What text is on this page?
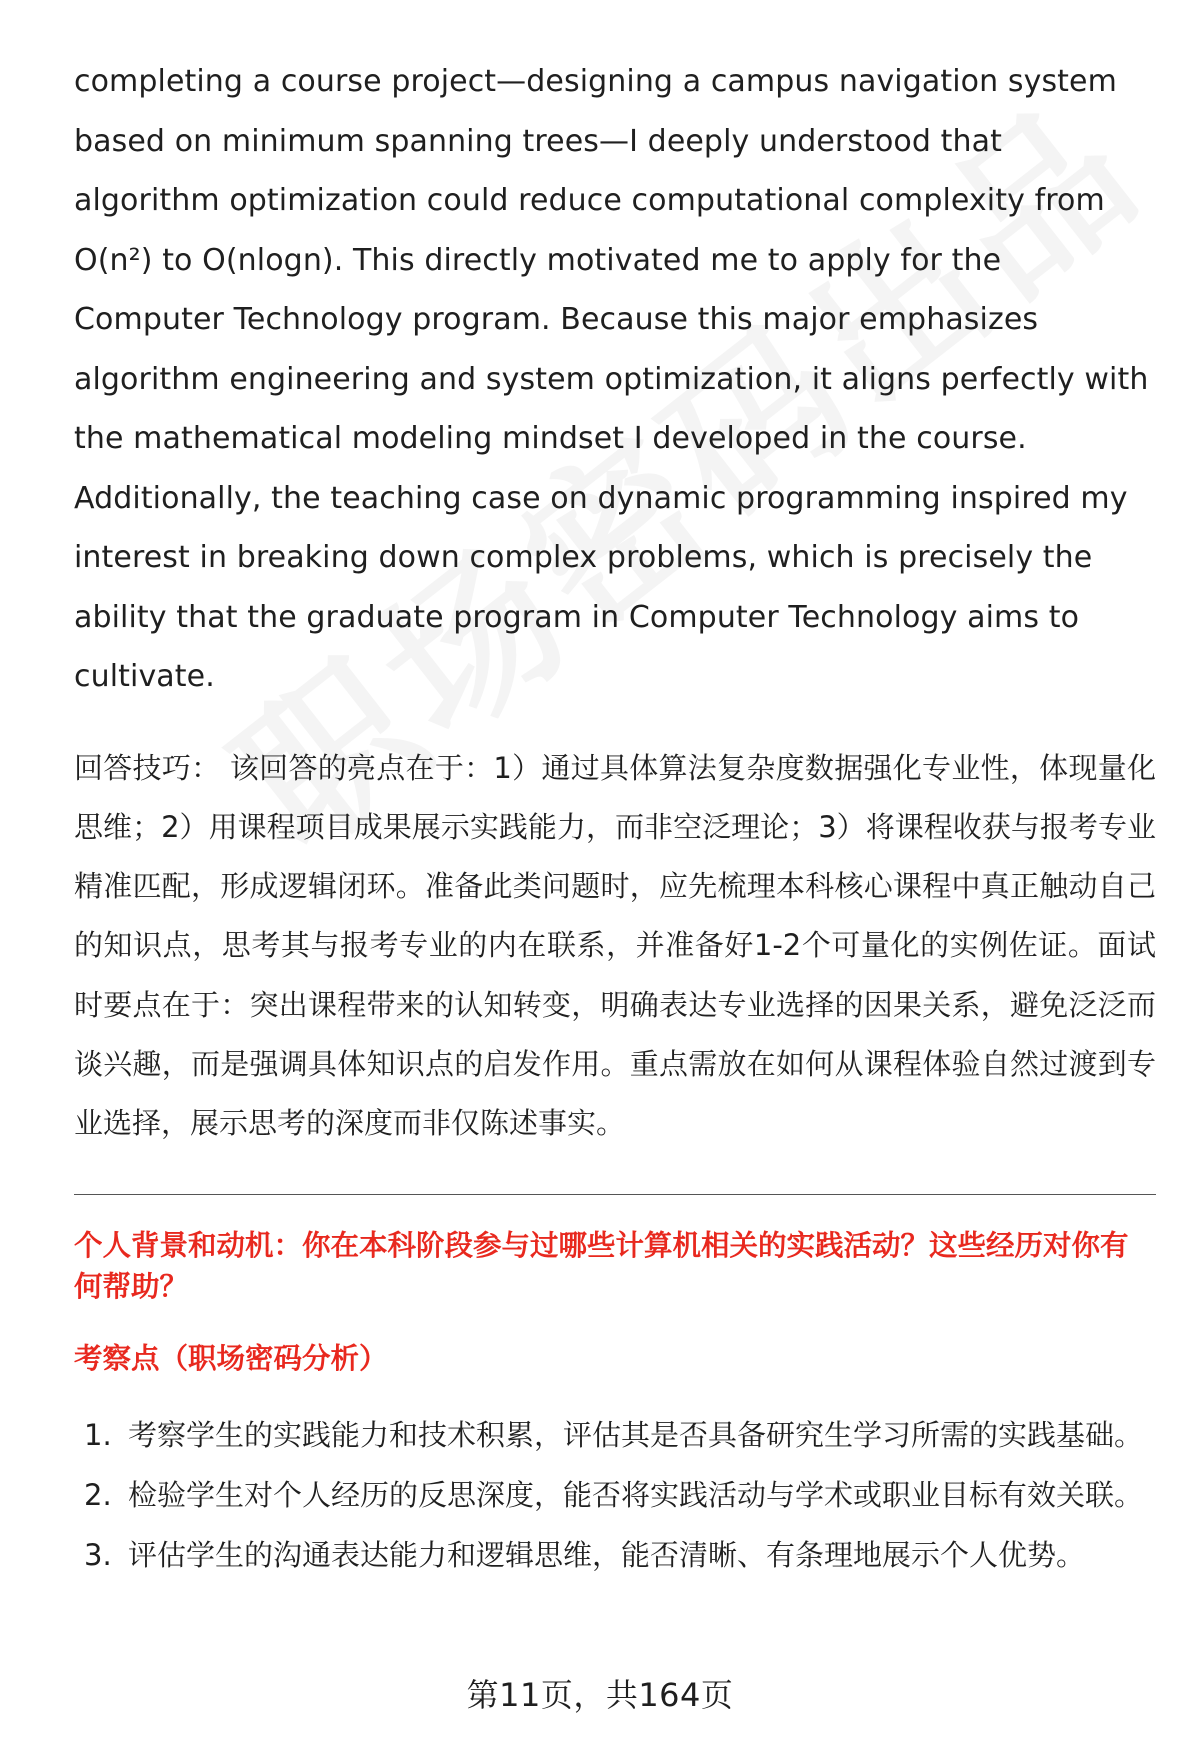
completing a course project—designing a campus navigation system based on minimum spanning trees—I deeply understood that algorithm optimization could reduce computational complexity from O(n²) to O(nlogn). This directly motivated me to apply for the Computer Technology program. Because this major emphasizes algorithm engineering and system optimization, it aligns perfectly with the mathematical modeling mindset I developed in the course. Additionally, the teaching case on dynamic programming inspired my interest in breaking down complex problems, which is precisely the ability that the graduate program in Computer Technology aims to cultivate.

回答技巧： 该回答的亮点在于：1）通过具体算法复杂度数据强化专业性，体现量化思维；2）用课程项目成果展示实践能力，而非空泛理论；3）将课程收获与报考专业精准匹配，形成逻辑闭环。准备此类问题时，应先梳理本科核心课程中真正触动自己的知识点，思考其与报考专业的内在联系，并准备好1-2个可量化的实例佐证。面试时要点在于：突出课程带来的认知转变，明确表达专业选择的因果关系，避免泛泛而谈兴趣，而是强调具体知识点的启发作用。重点需放在如何从课程体验自然过渡到专业选择，展示思考的深度而非仅陈述事实。

个人背景和动机：你在本科阶段参与过哪些计算机相关的实践活动？这些经历对你有何帮助？
考察点（职场密码分析）
1. 考察学生的实践能力和技术积累，评估其是否具备研究生学习所需的实践基础。
2. 检验学生对个人经历的反思深度，能否将实践活动与学术或职业目标有效关联。
3. 评估学生的沟通表达能力和逻辑思维，能否清晰、有条理地展示个人优势。
第11页，共164页
